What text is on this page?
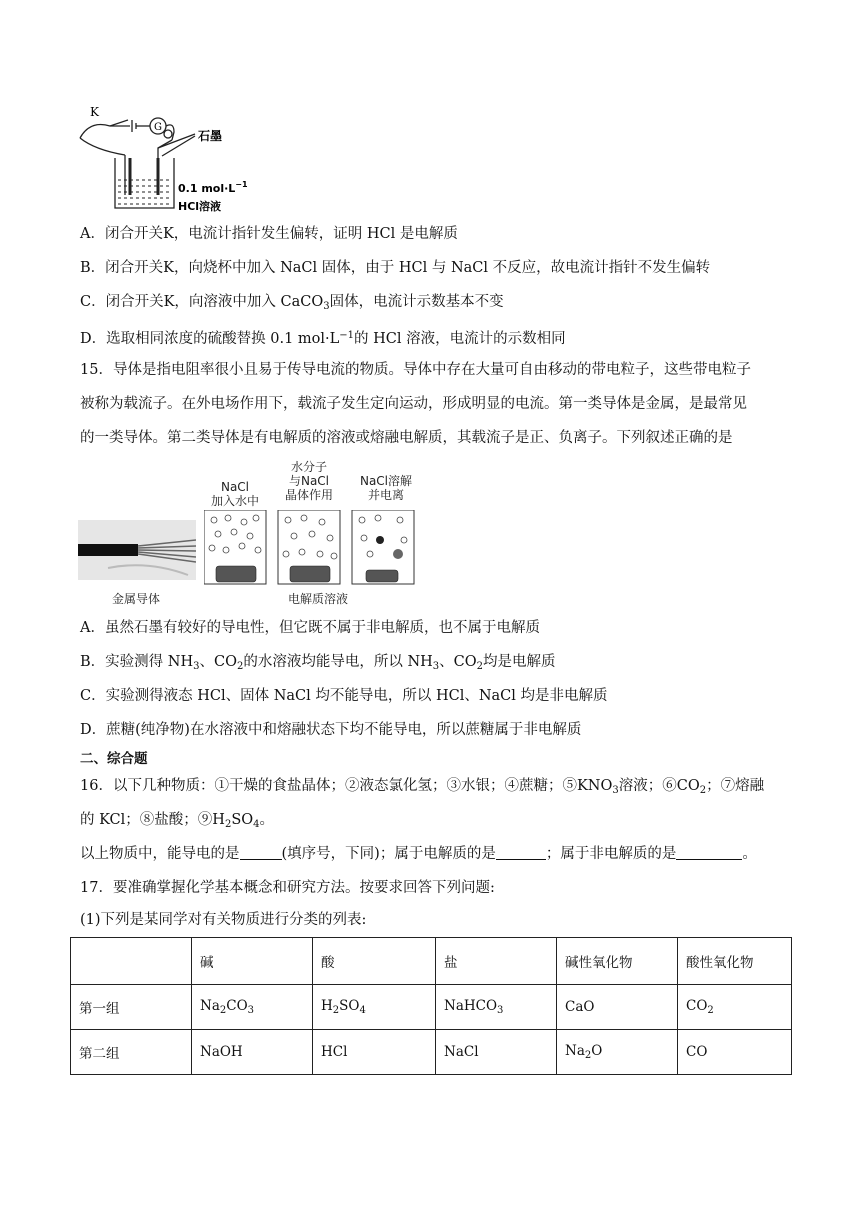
K
G
石墨
0.1 $mol\cdot L^{-1}$
HCl溶液
A．闭合开关K，电流计指针发生偏转，证明 HCl 是电解质
B．闭合开关K，向烧杯中加入 NaCl 固体，由于 HCl 与 NaCl 不反应，故电流计指针不发生偏转
C．闭合开关K，向溶液中加入 CaCO$_3$固体，电流计示数基本不变
D．选取相同浓度的硫酸替换 0.1 $mol\cdot L^{-1}$的 HCl 溶液，电流计的示数相同
15．导体是指电阻率很小且易于传导电流的物质。导体中存在大量可自由移动的带电粒子，这些带电粒子
被称为载流子。在外电场作用下，载流子发生定向运动，形成明显的电流。第一类导体是金属，是最常见
的一类导体。第二类导体是有电解质的溶液或熔融电解质，其载流子是正、负离子。下列叙述正确的是
NaCl
加入水中
水分子
与NaCl
晶体作用
NaCl溶解
并电离
金属导体	电解质溶液
A．虽然石墨有较好的导电性，但它既不属于非电解质，也不属于电解质
B．实验测得 $NH_3$、$CO_2$的水溶液均能导电，所以 $NH_3$、$CO_2$均是电解质
C．实验测得液态 HCl、固体 NaCl 均不能导电，所以 HCl、NaCl 均是非电解质
D．蔗糖(纯净物)在水溶液中和熔融状态下均不能导电，所以蔗糖属于非电解质
二、综合题
16．以下几种物质：①干燥的食盐晶体；②液态氯化氢；③水银；④蔗糖；$⑤KNO_3$溶液；$⑥CO_2$；⑦熔融
的 KCl；⑧盐酸；$⑨H_2SO_4$。
以上物质中，能导电的是	(填序号，下同)；属于电解质的是	；属于非电解质的是	。
17．要准确掌握化学基本概念和研究方法。按要求回答下列问题:
(1)下列是某同学对有关物质进行分类的列表:
	碱	酸	盐	碱性氧化物	酸性氧化物
第一组	$Na_2CO_3$	$H_2SO_4$	NaHCO$_3$	CaO	$CO_2$
第二组	NaOH	HCl	NaCl	$Na_2O$	CO
